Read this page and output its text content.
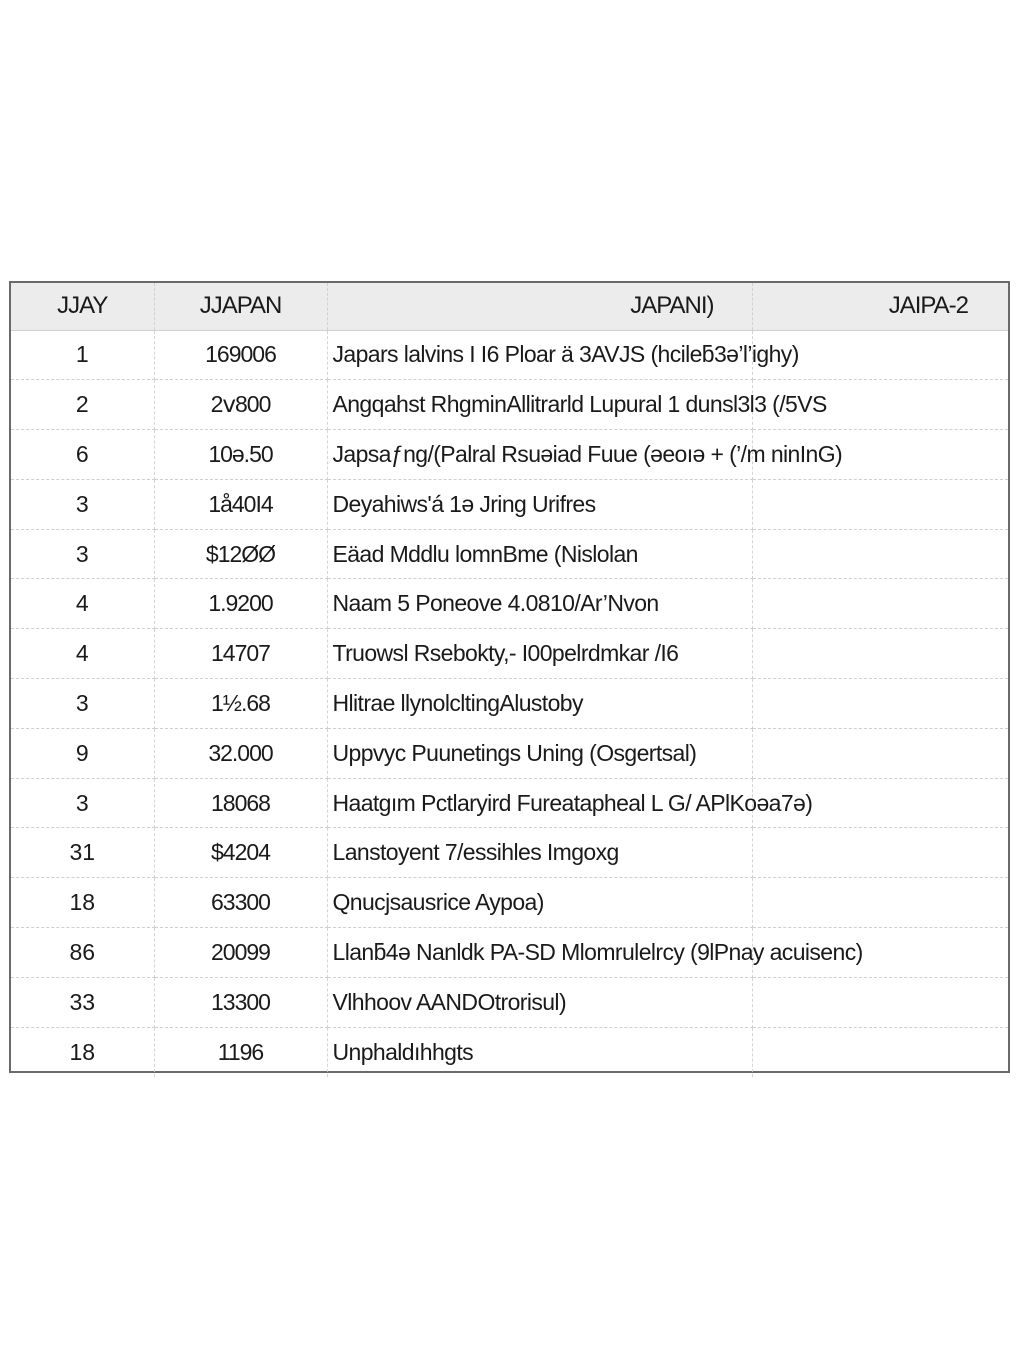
JJAY	JJAPAN	JAPANI)	JAIPA-2
1	169006	Japars lalvins I I6 Ploar ä 3AVJS (hcileƃ3ə’l’ighy)	
2	2ⅴ800	Angqahst RhgminAllitrarld Lupural 1 dunsl3l3 (/5VS	
6	10ə.50	Japsaƒng/(Palral Rsuəiad Fuue (əeoıə + (’/m ninInG)	
3	1å40I4	Deyahiws'á 1ə Jring Urifres	
3	$12ØØ	Eäad Mddlu lomnBme (Nislolan	
4	1.9200	Naam 5 Poneove 4.0810/Ar’Nvon	
4	14707	Truowsl Rsebokty,- I00pelrdmkar /I6	
3	1½.68	Hlitrae llynolcltingAlustoby	
9	32.000	Uppvyc Puunetings Uning (Osgertsal)	
3	18068	Haatgım Pctlaryird Fureatapheal L G/ APlKoəa7ə)	
31	$4204	Lanstoyent 7/essihles Imgoxg	
18	63300	Qnucjsausrice Aypoa)	
86	20099	Llanƃ4ə Nanldk PA-SD Mlomrulelrcy (9lPnay acuisenc)	
33	13300	Vlhhoov AANDOtrorisul)	
18	1196	Unphaldıhhgts	
